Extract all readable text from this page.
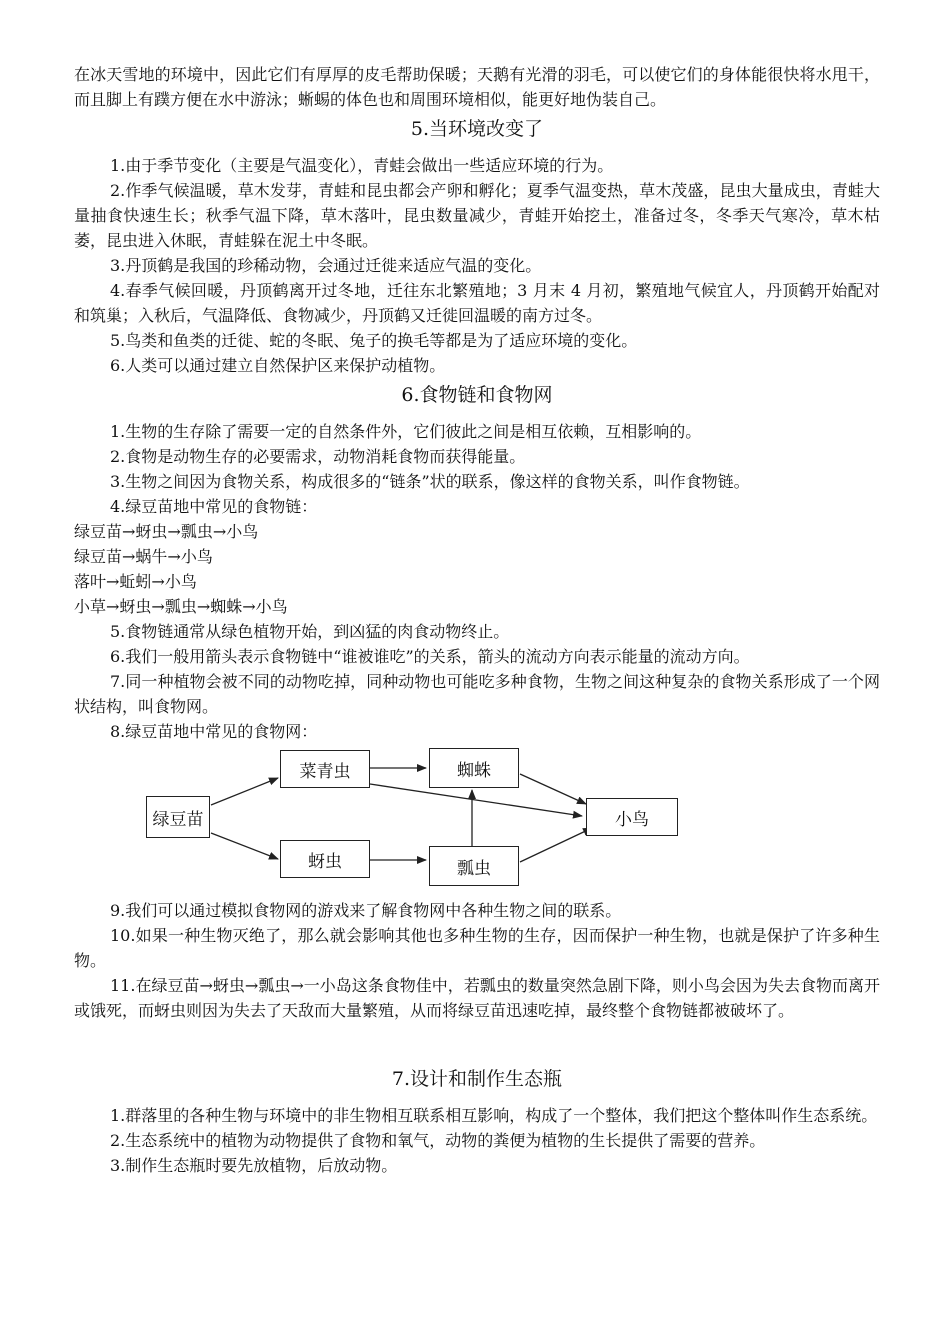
在冰天雪地的环境中，因此它们有厚厚的皮毛帮助保暖；天鹅有光滑的羽毛，可以使它们的身体能很快将水甩干，而且脚上有蹼方便在水中游泳；蜥蜴的体色也和周围环境相似，能更好地伪装自己。

5.当环境改变了

1.由于季节变化（主要是气温变化），青蛙会做出一些适应环境的行为。

2.作季气候温暖，草木发芽，青蛙和昆虫都会产卵和孵化；夏季气温变热，草木茂盛，昆虫大量成虫，青蛙大量抽食快速生长；秋季气温下降，草木落叶，昆虫数量减少，青蛙开始挖土，准备过冬，冬季天气寒冷，草木枯萎，昆虫进入休眠，青蛙躲在泥土中冬眠。

3.丹顶鹤是我国的珍稀动物，会通过迁徙来适应气温的变化。

4.春季气候回暖，丹顶鹤离开过冬地，迁往东北繁殖地；3 月末 4 月初，繁殖地气候宜人，丹顶鹤开始配对和筑巢；入秋后，气温降低、食物减少，丹顶鹤又迁徙回温暖的南方过冬。

5.鸟类和鱼类的迁徙、蛇的冬眠、兔子的换毛等都是为了适应环境的变化。

6.人类可以通过建立自然保护区来保护动植物。

6.食物链和食物网

1.生物的生存除了需要一定的自然条件外，它们彼此之间是相互依赖，互相影响的。

2.食物是动物生存的必要需求，动物消耗食物而获得能量。

3.生物之间因为食物关系，构成很多的“链条”状的联系，像这样的食物关系，叫作食物链。

4.绿豆苗地中常见的食物链：

绿豆苗→蚜虫→瓢虫→小鸟

绿豆苗→蜗牛→小鸟

落叶→蚯蚓→小鸟

小草→蚜虫→瓢虫→蜘蛛→小鸟

5.食物链通常从绿色植物开始，到凶猛的肉食动物终止。

6.我们一般用箭头表示食物链中“谁被谁吃”的关系，箭头的流动方向表示能量的流动方向。

7.同一种植物会被不同的动物吃掉，同种动物也可能吃多种食物，生物之间这种复杂的食物关系形成了一个网状结构，叫食物网。

8.绿豆苗地中常见的食物网：

绿豆苗
菜青虫
蚜虫
蜘蛛
瓢虫
小鸟

9.我们可以通过模拟食物网的游戏来了解食物网中各种生物之间的联系。

10.如果一种生物灭绝了，那么就会影响其他也多种生物的生存，因而保护一种生物，也就是保护了许多种生物。

11.在绿豆苗→蚜虫→瓢虫→一小岛这条食物佳中，若瓢虫的数量突然急剧下降，则小鸟会因为失去食物而离开或饿死，而蚜虫则因为失去了天敌而大量繁殖，从而将绿豆苗迅速吃掉，最终整个食物链都被破坏了。

7.设计和制作生态瓶

1.群落里的各种生物与环境中的非生物相互联系相互影响，构成了一个整体，我们把这个整体叫作生态系统。

2.生态系统中的植物为动物提供了食物和氧气，动物的粪便为植物的生长提供了需要的营养。

3.制作生态瓶时要先放植物，后放动物。
